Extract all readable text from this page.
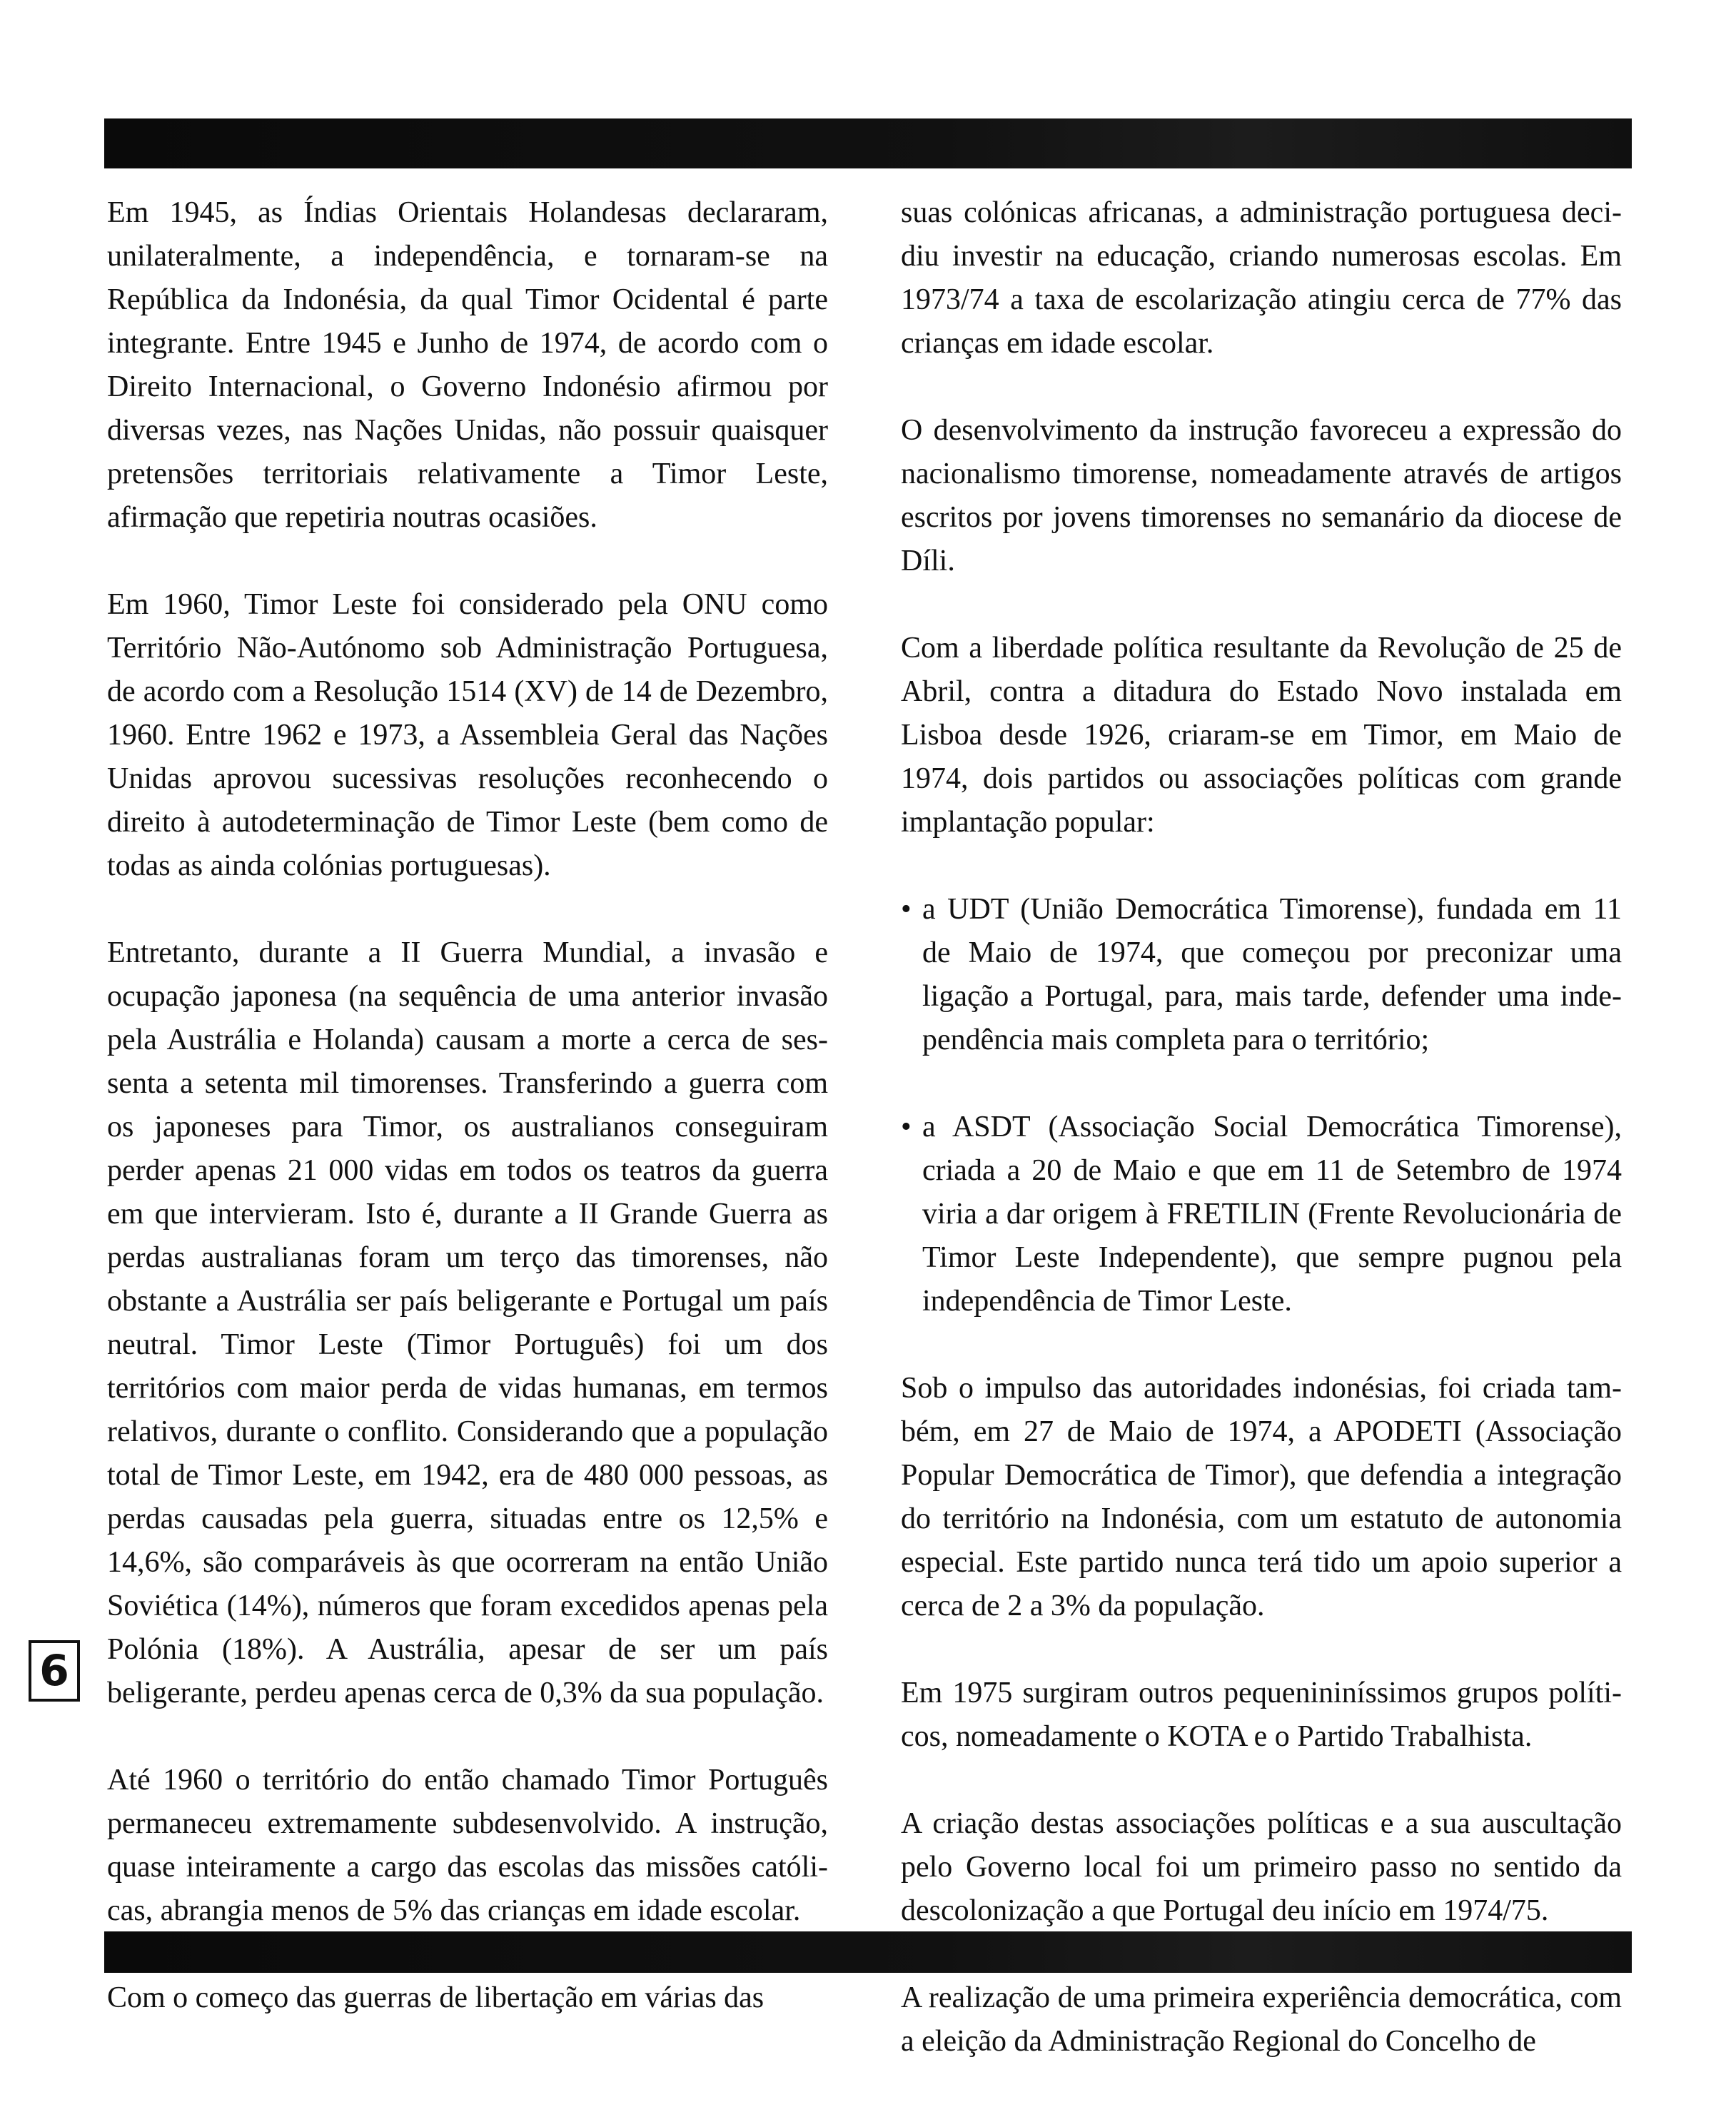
Em 1945, as Índias Orientais Holandesas declararam, unilateralmente, a independência, e tornaram-se na República da Indonésia, da qual Timor Ocidental é parte integrante. Entre 1945 e Junho de 1974, de acordo com o Direito Internacional, o Governo Indonésio afirmou por diversas vezes, nas Nações Unidas, não possuir quaisquer pretensões territoriais relativamente a Timor Leste, afirmação que repetiria noutras ocasiões.

Em 1960, Timor Leste foi considerado pela ONU como Território Não-Autónomo sob Administração Portuguesa, de acordo com a Resolução 1514 (XV) de 14 de Dezembro, 1960. Entre 1962 e 1973, a Assembleia Geral das Nações Unidas aprovou sucessivas resoluções reconhecendo o direito à autodeterminação de Timor Leste (bem como de todas as ainda colónias portuguesas).

Entretanto, durante a II Guerra Mundial, a invasão e ocupação japonesa (na sequência de uma anterior invasão pela Austrália e Holanda) causam a morte a cerca de sessenta a setenta mil timorenses. Transferindo a guerra com os japoneses para Timor, os australianos conseguiram perder apenas 21 000 vidas em todos os teatros da guerra em que intervieram. Isto é, durante a II Grande Guerra as perdas australianas foram um terço das timorenses, não obstante a Austrália ser país beligerante e Portugal um país neutral. Timor Leste (Timor Português) foi um dos territórios com maior perda de vidas humanas, em termos relativos, durante o conflito. Considerando que a população total de Timor Leste, em 1942, era de 480 000 pessoas, as perdas causadas pela guerra, situadas entre os 12,5% e 14,6%, são comparáveis às que ocorreram na então União Soviética (14%), números que foram excedidos apenas pela Polónia (18%). A Austrália, apesar de ser um país beligerante, perdeu apenas cerca de 0,3% da sua população.

Até 1960 o território do então chamado Timor Português permaneceu extremamente subdesenvolvido. A instrução, quase inteiramente a cargo das escolas das missões católicas, abrangia menos de 5% das crianças em idade escolar.

Com o começo das guerras de libertação em várias das

suas colónicas africanas, a administração portuguesa decidiu investir na educação, criando numerosas escolas. Em 1973/74 a taxa de escolarização atingiu cerca de 77% das crianças em idade escolar.

O desenvolvimento da instrução favoreceu a expressão do nacionalismo timorense, nomeadamente através de artigos escritos por jovens timorenses no semanário da diocese de Díli.

Com a liberdade política resultante da Revolução de 25 de Abril, contra a ditadura do Estado Novo instalada em Lisboa desde 1926, criaram-se em Timor, em Maio de 1974, dois partidos ou associações políticas com grande implantação popular:

• a UDT (União Democrática Timorense), fundada em 11 de Maio de 1974, que começou por preconizar uma ligação a Portugal, para, mais tarde, defender uma independência mais completa para o território;
• a ASDT (Associação Social Democrática Timorense), criada a 20 de Maio e que em 11 de Setembro de 1974 viria a dar origem à FRETILIN (Frente Revolucionária de Timor Leste Independente), que sempre pugnou pela independência de Timor Leste.

Sob o impulso das autoridades indonésias, foi criada também, em 27 de Maio de 1974, a APODETI (Associação Popular Democrática de Timor), que defendia a integração do território na Indonésia, com um estatuto de autonomia especial. Este partido nunca terá tido um apoio superior a cerca de 2 a 3% da população.

Em 1975 surgiram outros pequenininíssimos grupos políticos, nomeadamente o KOTA e o Partido Trabalhista.

A criação destas associações políticas e a sua auscultação pelo Governo local foi um primeiro passo no sentido da descolonização a que Portugal deu início em 1974/75.

A realização de uma primeira experiência democrática, com a eleição da Administração Regional do Concelho de

6
